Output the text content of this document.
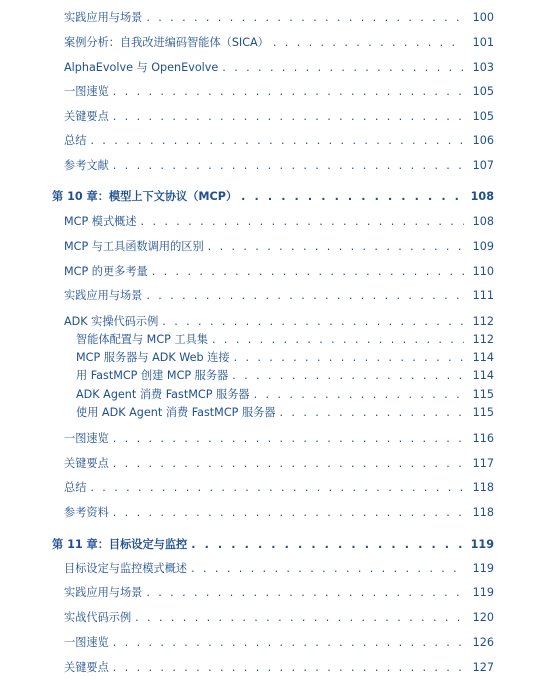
实践应用与场景 . . .	100
案例分析：自我改进编码智能体（SICA） . . .	101
AlphaEvolve 与 OpenEvolve . . .	103
一图速览 . . .	105
关键要点 . . .	105
总结 . . .	106
参考文献 . . .	107
第 10 章：模型上下文协议（MCP） . . .	108
MCP 模式概述 . . .	108
MCP 与工具函数调用的区别 . . .	109
MCP 的更多考量 . . .	110
实践应用与场景 . . .	111
ADK 实操代码示例 . . .	112
智能体配置与 MCP 工具集 . . .	112
MCP 服务器与 ADK Web 连接 . . .	114
用 FastMCP 创建 MCP 服务器 . . .	114
ADK Agent 消费 FastMCP 服务器 . . .	115
使用 ADK Agent 消费 FastMCP 服务器 . . .	115
一图速览 . . .	116
关键要点 . . .	117
总结 . . .	118
参考资料 . . .	118
第 11 章：目标设定与监控 . . .	119
目标设定与监控模式概述 . . .	119
实践应用与场景 . . .	119
实战代码示例 . . .	120
一图速览 . . .	126
关键要点 . . .	127
